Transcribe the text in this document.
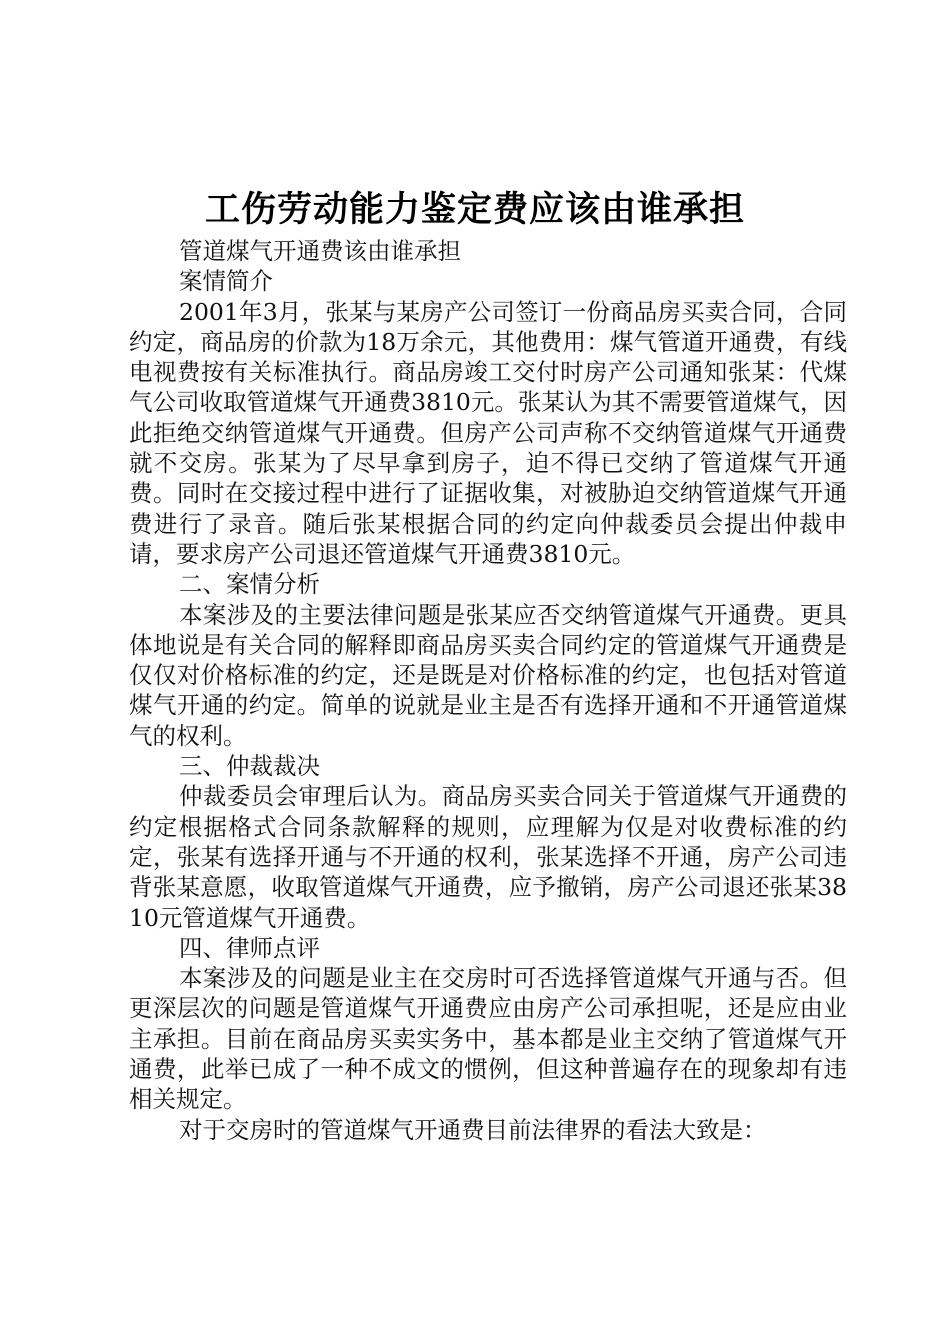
工伤劳动能力鉴定费应该由谁承担

管道煤气开通费该由谁承担

案情简介

2001年3月，张某与某房产公司签订一份商品房买卖合同，合同约定，商品房的价款为18万余元，其他费用：煤气管道开通费，有线电视费按有关标准执行。商品房竣工交付时房产公司通知张某：代煤气公司收取管道煤气开通费3810元。张某认为其不需要管道煤气，因此拒绝交纳管道煤气开通费。但房产公司声称不交纳管道煤气开通费就不交房。张某为了尽早拿到房子，迫不得已交纳了管道煤气开通费。同时在交接过程中进行了证据收集，对被胁迫交纳管道煤气开通费进行了录音。随后张某根据合同的约定向仲裁委员会提出仲裁申请，要求房产公司退还管道煤气开通费3810元。

二、案情分析

本案涉及的主要法律问题是张某应否交纳管道煤气开通费。更具体地说是有关合同的解释即商品房买卖合同约定的管道煤气开通费是仅仅对价格标准的约定，还是既是对价格标准的约定，也包括对管道煤气开通的约定。简单的说就是业主是否有选择开通和不开通管道煤气的权利。

三、仲裁裁决

仲裁委员会审理后认为。商品房买卖合同关于管道煤气开通费的约定根据格式合同条款解释的规则，应理解为仅是对收费标准的约定，张某有选择开通与不开通的权利，张某选择不开通，房产公司违背张某意愿，收取管道煤气开通费，应予撤销，房产公司退还张某3810元管道煤气开通费。

四、律师点评

本案涉及的问题是业主在交房时可否选择管道煤气开通与否。但更深层次的问题是管道煤气开通费应由房产公司承担呢，还是应由业主承担。目前在商品房买卖实务中，基本都是业主交纳了管道煤气开通费，此举已成了一种不成文的惯例，但这种普遍存在的现象却有违相关规定。

对于交房时的管道煤气开通费目前法律界的看法大致是：
